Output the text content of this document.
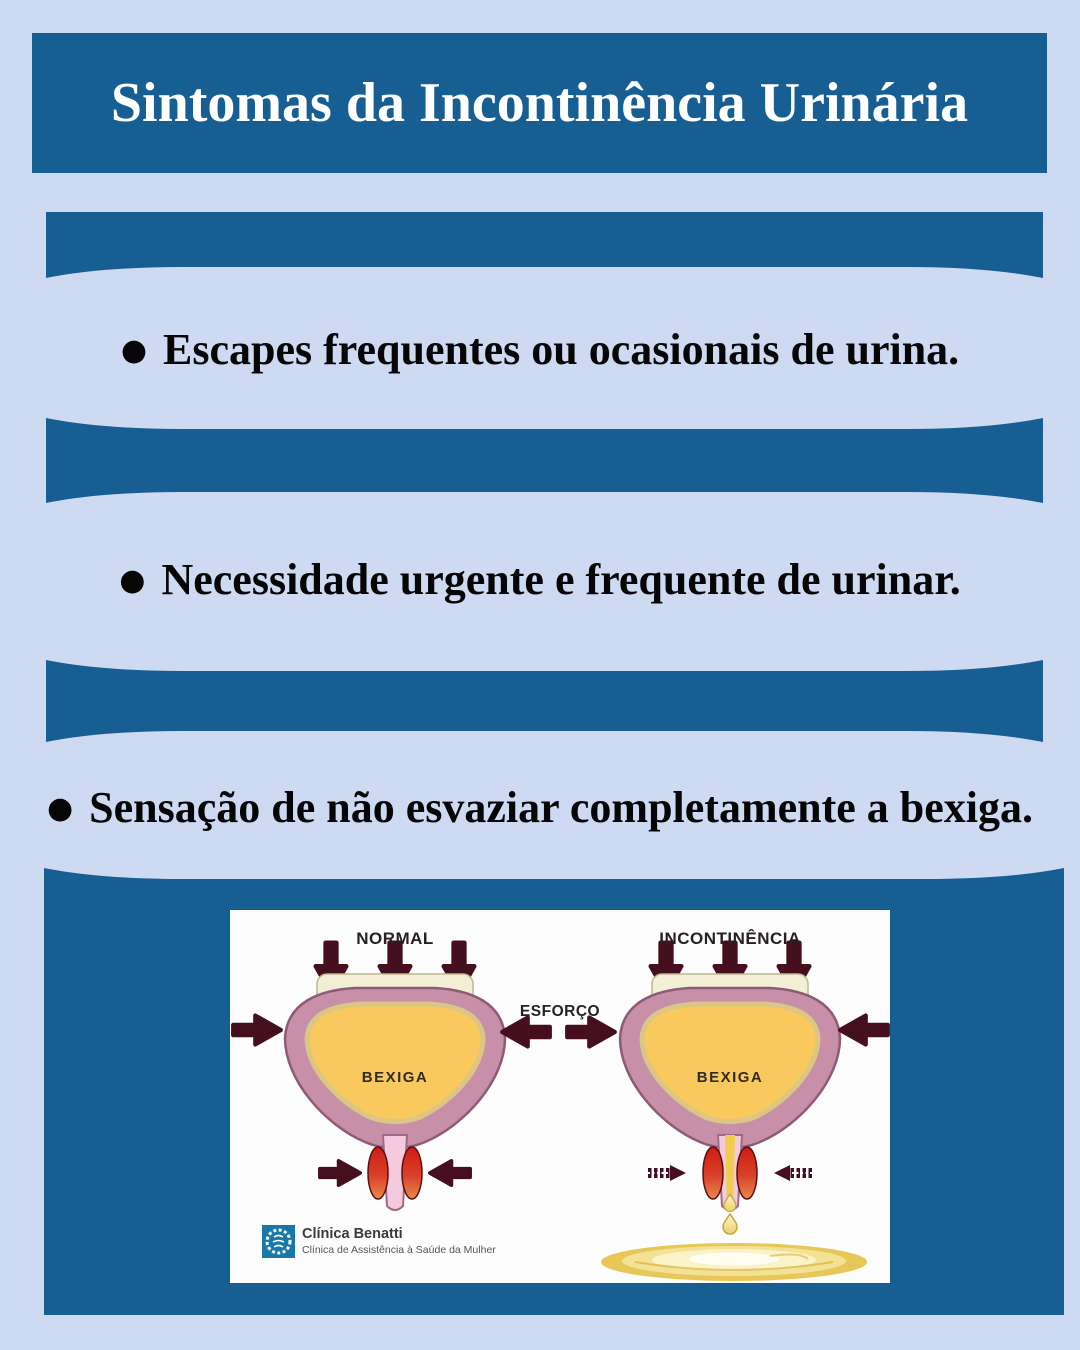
Sintomas da Incontinência Urinária
● Escapes frequentes ou ocasionais de urina.
● Necessidade urgente e frequente de urinar.
● Sensação de não esvaziar completamente a bexiga.
BEXIGA	BEXIGA
NORMAL	INCONTINÊNCIA
ESFORÇO
Clínica Benatti
Clínica de Assistência à Saúde da Mulher
